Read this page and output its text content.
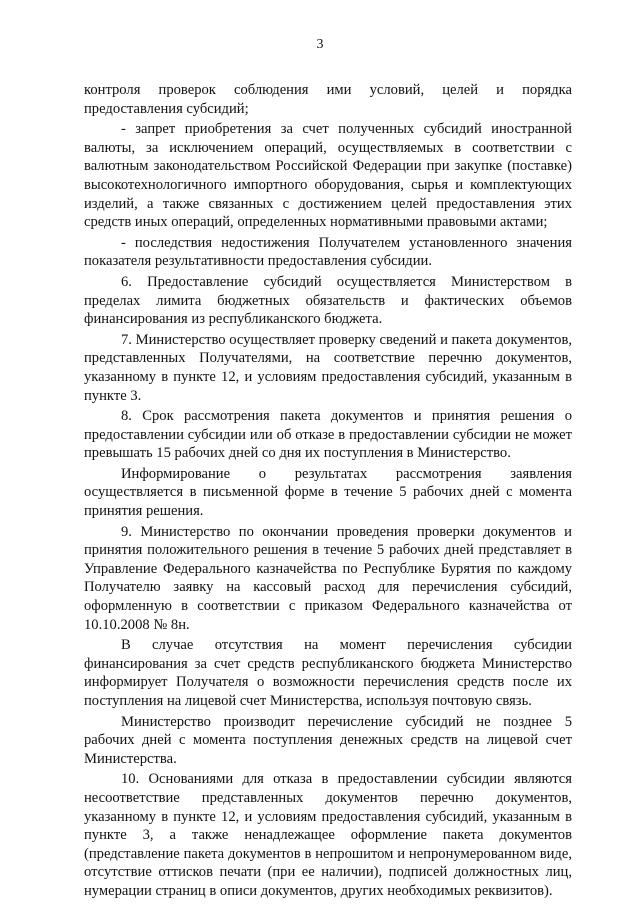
3

контроля проверок соблюдения ими условий, целей и порядка предоставления субсидий;

- запрет приобретения за счет полученных субсидий иностранной валюты, за исключением операций, осуществляемых в соответствии с валютным законодательством Российской Федерации при закупке (поставке) высокотехнологичного импортного оборудования, сырья и комплектующих изделий, а также связанных с достижением целей предоставления этих средств иных операций, определенных нормативными правовыми актами;

- последствия недостижения Получателем установленного значения показателя результативности предоставления субсидии.

6. Предоставление субсидий осуществляется Министерством в пределах лимита бюджетных обязательств и фактических объемов финансирования из республиканского бюджета.

7. Министерство осуществляет проверку сведений и пакета документов, представленных Получателями, на соответствие перечню документов, указанному в пункте 12, и условиям предоставления субсидий, указанным в пункте 3.

8. Срок рассмотрения пакета документов и принятия решения о предоставлении субсидии или об отказе в предоставлении субсидии не может превышать 15 рабочих дней со дня их поступления в Министерство.

Информирование о результатах рассмотрения заявления осуществляется в письменной форме в течение 5 рабочих дней с момента принятия решения.

9. Министерство по окончании проведения проверки документов и принятия положительного решения в течение 5 рабочих дней представляет в Управление Федерального казначейства по Республике Бурятия по каждому Получателю заявку на кассовый расход для перечисления субсидий, оформленную в соответствии с приказом Федерального казначейства от 10.10.2008 № 8н.

В случае отсутствия на момент перечисления субсидии финансирования за счет средств республиканского бюджета Министерство информирует Получателя о возможности перечисления средств после их поступления на лицевой счет Министерства, используя почтовую связь.

Министерство производит перечисление субсидий не позднее 5 рабочих дней с момента поступления денежных средств на лицевой счет Министерства.

10. Основаниями для отказа в предоставлении субсидии являются несоответствие представленных документов перечню документов, указанному в пункте 12, и условиям предоставления субсидий, указанным в пункте 3, а также ненадлежащее оформление пакета документов (представление пакета документов в непрошитом и непронумерованном виде, отсутствие оттисков печати (при ее наличии), подписей должностных лиц, нумерации страниц в описи документов, других необходимых реквизитов).
